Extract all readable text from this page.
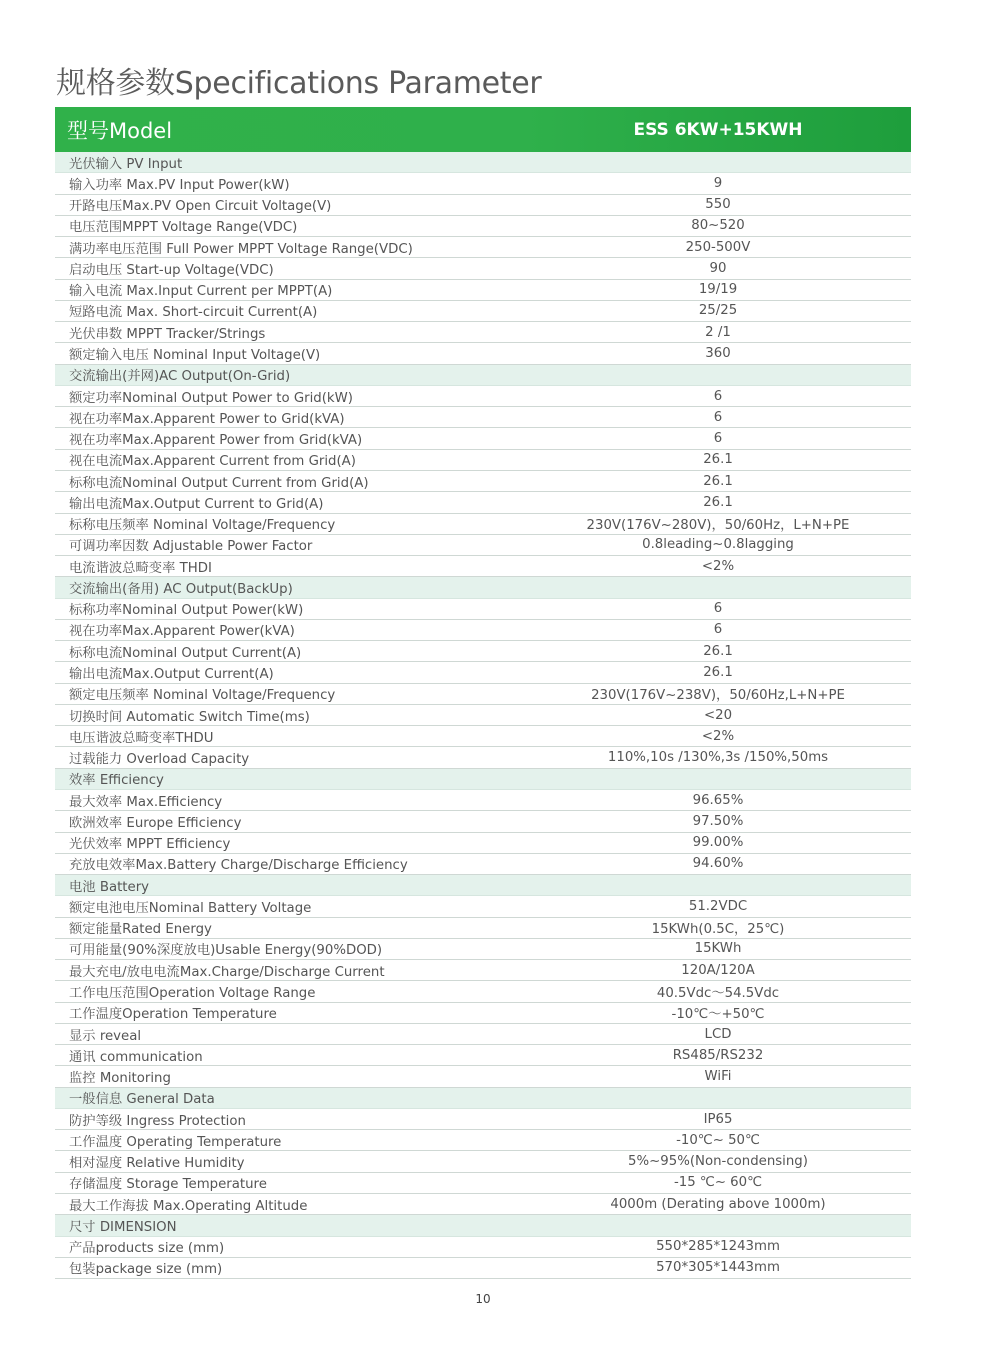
规格参数Specifications Parameter
型号Model	ESS 6KW+15KWH
光伏输入 PV Input
输入功率 Max.PV Input Power(kW)	9
开路电压Max.PV Open Circuit Voltage(V)	550
电压范围MPPT Voltage Range(VDC)	80~520
满功率电压范围 Full Power MPPT Voltage Range(VDC)	250-500V
启动电压 Start-up Voltage(VDC)	90
输入电流 Max.Input Current per MPPT(A)	19/19
短路电流 Max. Short-circuit Current(A)	25/25
光伏串数 MPPT Tracker/Strings	2 /1
额定输入电压 Nominal Input Voltage(V)	360
交流输出(并网)AC Output(On-Grid)
额定功率Nominal Output Power to Grid(kW)	6
视在功率Max.Apparent Power to Grid(kVA)	6
视在功率Max.Apparent Power from Grid(kVA)	6
视在电流Max.Apparent Current from Grid(A)	26.1
标称电流Nominal Output Current from Grid(A)	26.1
输出电流Max.Output Current to Grid(A)	26.1
标称电压频率 Nominal Voltage/Frequency	230V(176V~280V)，50/60Hz，L+N+PE
可调功率因数 Adjustable Power Factor	0.8leading~0.8lagging
电流谐波总畸变率 THDI	<2%
交流输出(备用) AC Output(BackUp)
标称功率Nominal Output Power(kW)	6
视在功率Max.Apparent Power(kVA)	6
标称电流Nominal Output Current(A)	26.1
输出电流Max.Output Current(A)	26.1
额定电压频率 Nominal Voltage/Frequency	230V(176V~238V)，50/60Hz,L+N+PE
切换时间 Automatic Switch Time(ms)	<20
电压谐波总畸变率THDU	<2%
过载能力 Overload Capacity	110%,10s /130%,3s /150%,50ms
效率 Efficiency
最大效率 Max.Efficiency	96.65%
欧洲效率 Europe Efficiency	97.50%
光伏效率 MPPT Efficiency	99.00%
充放电效率Max.Battery Charge/Discharge Efficiency	94.60%
电池 Battery
额定电池电压Nominal Battery Voltage	51.2VDC
额定能量Rated Energy	15KWh(0.5C，25℃)
可用能量(90%深度放电)Usable Energy(90%DOD)	15KWh
最大充电/放电电流Max.Charge/Discharge Current	120A/120A
工作电压范围Operation Voltage Range	40.5Vdc～54.5Vdc
工作温度Operation Temperature	-10℃～+50℃
显示 reveal	LCD
通讯 communication	RS485/RS232
监控 Monitoring	WiFi
一般信息 General Data
防护等级 Ingress Protection	IP65
工作温度 Operating Temperature	-10℃~ 50℃
相对湿度 Relative Humidity	5%~95%(Non-condensing)
存储温度 Storage Temperature	-15 ℃~ 60℃
最大工作海拔 Max.Operating Altitude	4000m (Derating above 1000m)
尺寸 DIMENSION
产品products size (mm)	550*285*1243mm
包装package size (mm)	570*305*1443mm
10
